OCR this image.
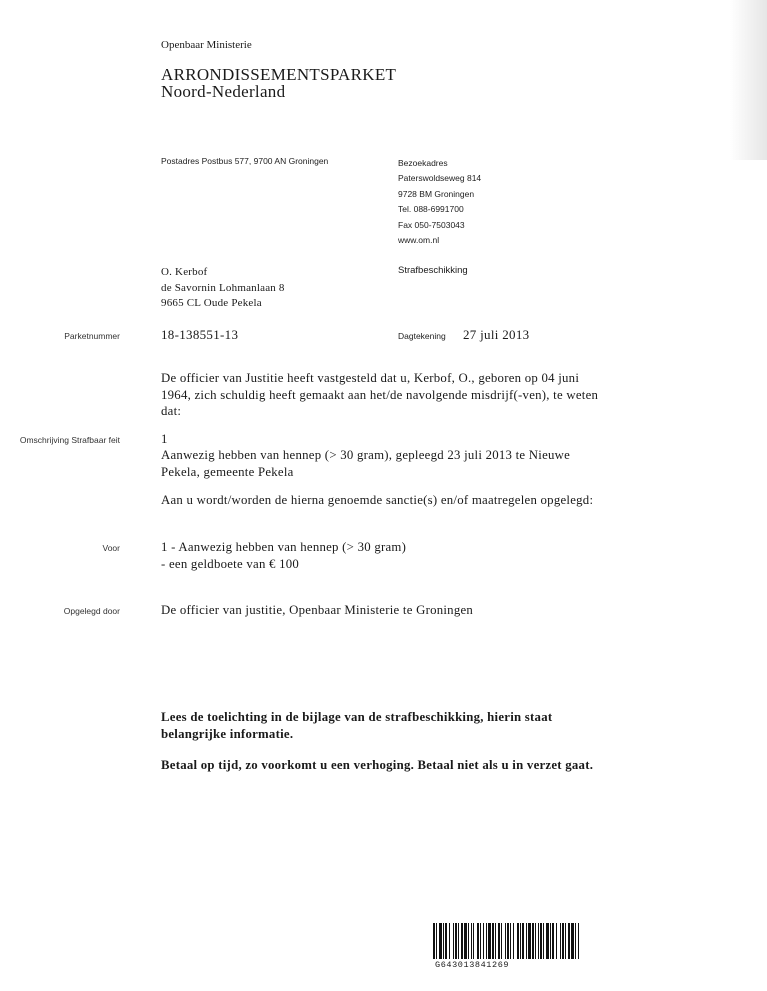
Openbaar Ministerie
ARRONDISSEMENTSPARKET
Noord-Nederland
Postadres Postbus 577, 9700 AN Groningen	Bezoekadres
Paterswoldseweg 814
9728 BM Groningen
Tel. 088-6991700
Fax 050-7503043
www.om.nl
O. Kerbof
de Savornin Lohmanlaan 8
9665 CL Oude Pekela
Strafbeschikking
Parketnummer	18-138551-13	Dagtekening 27 juli 2013
De officier van Justitie heeft vastgesteld dat u, Kerbof, O., geboren op 04 juni 1964, zich schuldig heeft gemaakt aan het/de navolgende misdrijf(-ven), te weten dat:
Omschrijving Strafbaar feit	1
Aanwezig hebben van hennep (> 30 gram), gepleegd 23 juli 2013 te Nieuwe Pekela, gemeente Pekela
Aan u wordt/worden de hierna genoemde sanctie(s) en/of maatregelen opgelegd:
Voor	1 - Aanwezig hebben van hennep (> 30 gram)
- een geldboete van € 100
Opgelegd door	De officier van justitie, Openbaar Ministerie te Groningen
Lees de toelichting in de bijlage van de strafbeschikking, hierin staat belangrijke informatie.
Betaal op tijd, zo voorkomt u een verhoging. Betaal niet als u in verzet gaat.
G643013841269
